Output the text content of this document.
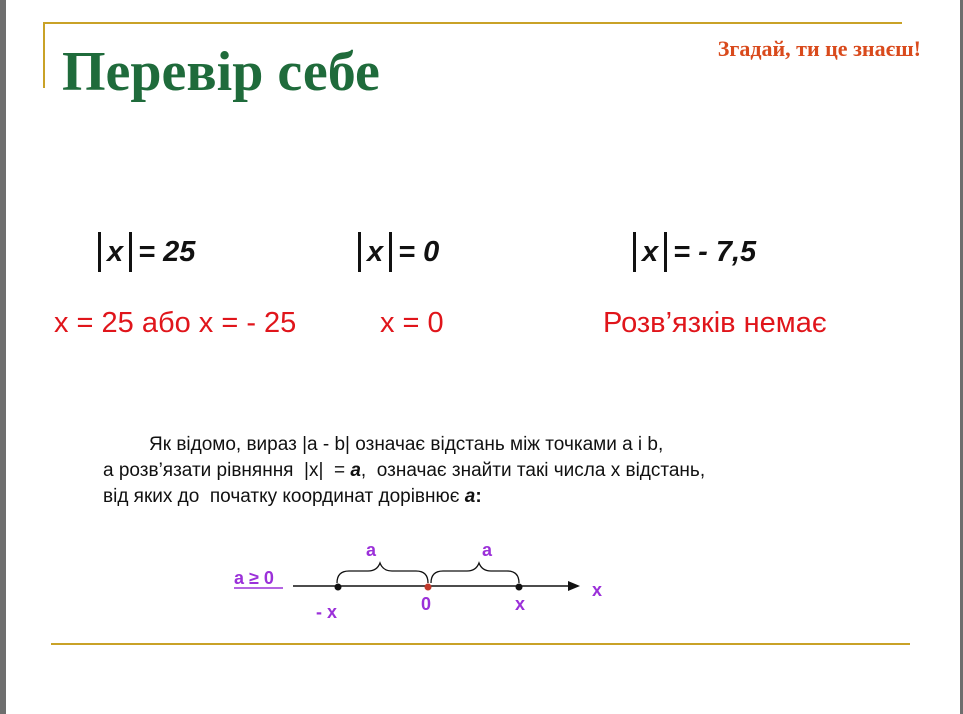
Перевір себе	Згадай, ти це знаєш!
x = 25	x = 0	x = - 7,5
x = 25 або x = - 25	x = 0	Розв’язків немає
Як відомо, вираз |a - b| означає відстань між точками a і b,
а розв’язати рівняння  |x|  = a,  означає знайти такі числа х відстань,
від яких до  початку координат дорівнює a:
a ≥ 0
a	a
- x	0	x
x
